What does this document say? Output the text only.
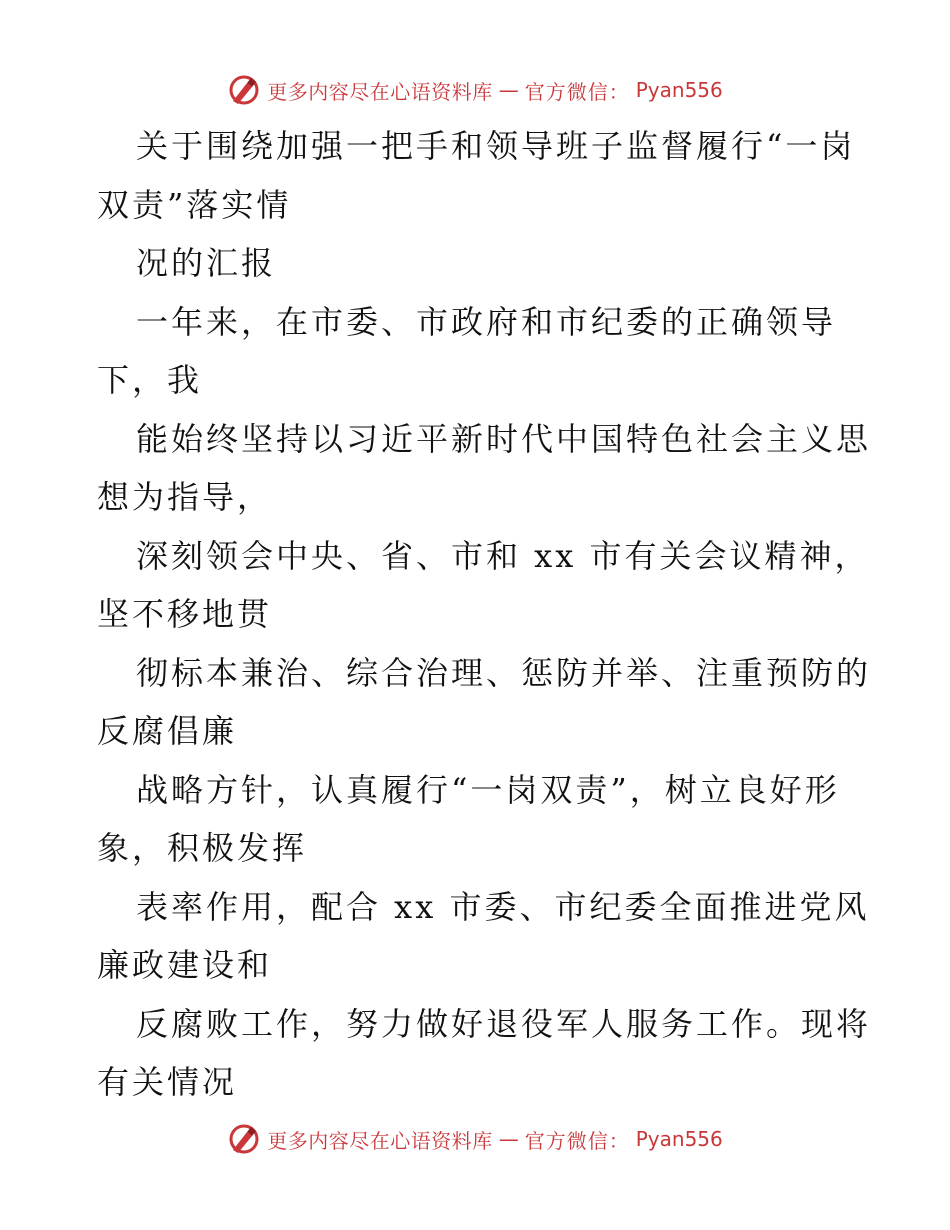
更多内容尽在心语资料库 — 官方微信： Pyan556
关于围绕加强一把手和领导班子监督履行“一岗
双责”落实情
况的汇报
一年来，在市委、市政府和市纪委的正确领导
下，我
能始终坚持以习近平新时代中国特色社会主义思
想为指导，
深刻领会中央、省、市和 xx 市有关会议精神，
坚不移地贯
彻标本兼治、综合治理、惩防并举、注重预防的
反腐倡廉
战略方针，认真履行“一岗双责”，树立良好形
象，积极发挥
表率作用，配合 xx 市委、市纪委全面推进党风
廉政建设和
反腐败工作，努力做好退役军人服务工作。现将
有关情况
更多内容尽在心语资料库 — 官方微信： Pyan556
